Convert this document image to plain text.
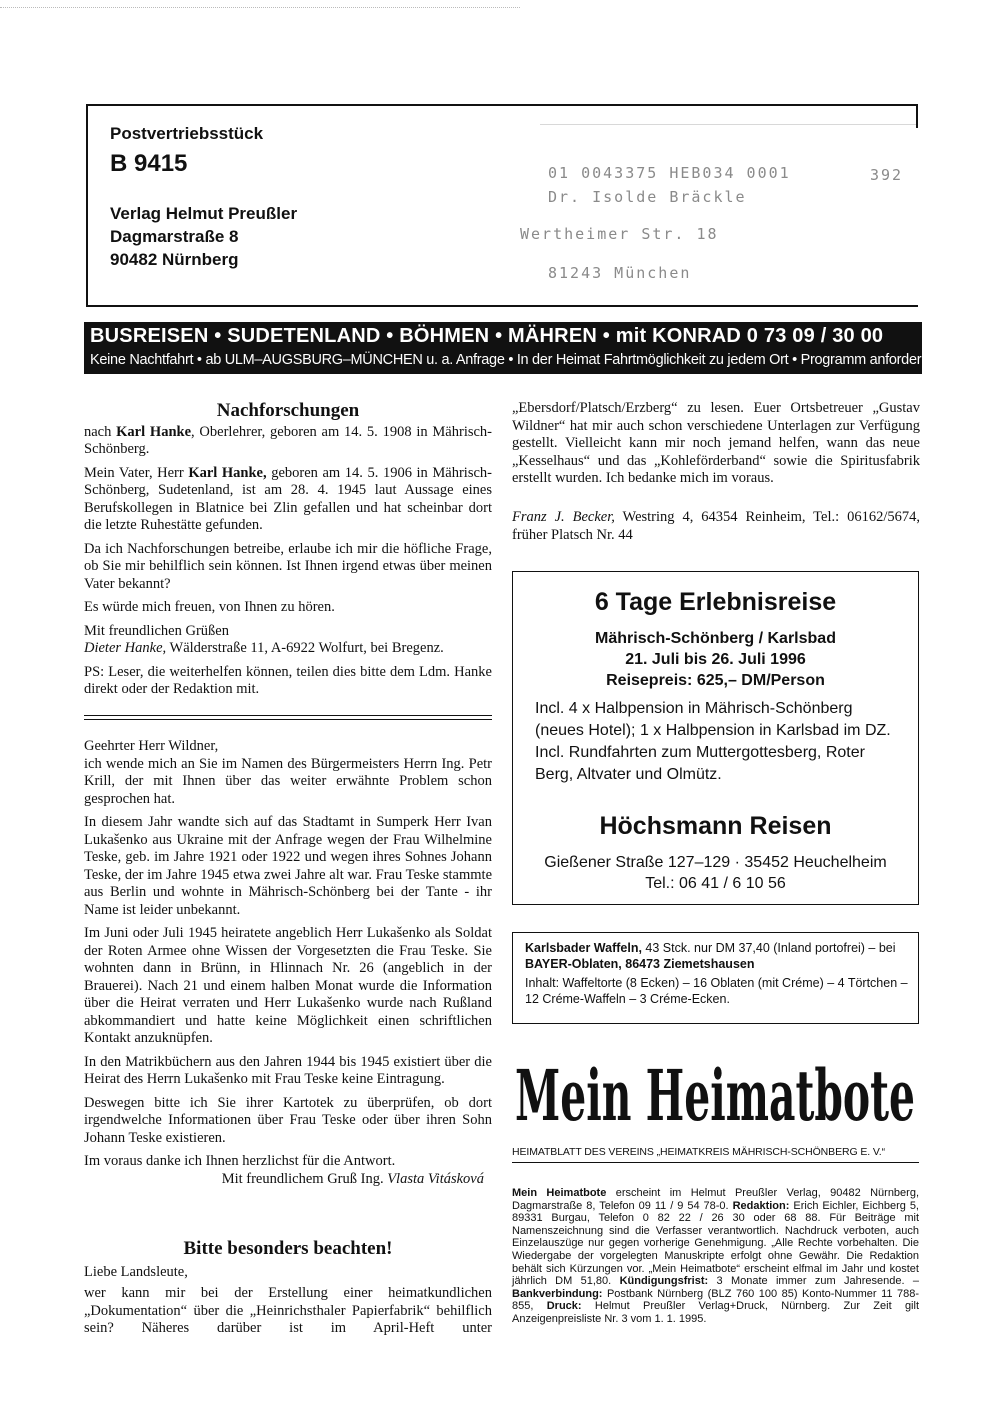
Postvertriebsstück
B 9415
Verlag Helmut Preußler
Dagmarstraße 8
90482 Nürnberg
01 0043375 HEB034 0001	392
Dr. Isolde Bräckle
Wertheimer Str. 18
81243 München
BUSREISEN • SUDETENLAND • BÖHMEN • MÄHREN • mit KONRAD 0 73 09 / 30 00
Keine Nachtfahrt • ab ULM–AUGSBURG–MÜNCHEN u. a. Anfrage • In der Heimat Fahrtmöglichkeit zu jedem Ort • Programm anfordern
Nachforschungen

nach Karl Hanke, Oberlehrer, geboren am 14. 5. 1908 in Mährisch-Schönberg.

Mein Vater, Herr Karl Hanke, geboren am 14. 5. 1906 in Mährisch-Schönberg, Sudetenland, ist am 28. 4. 1945 laut Aussage eines Berufskollegen in Blatnice bei Zlin gefallen und hat scheinbar dort die letzte Ruhestätte gefunden.

Da ich Nachforschungen betreibe, erlaube ich mir die höfliche Frage, ob Sie mir behilflich sein können. Ist Ihnen irgend etwas über meinen Vater bekannt?

Es würde mich freuen, von Ihnen zu hören.

Mit freundlichen Grüßen

Dieter Hanke, Wälderstraße 11, A-6922 Wolfurt, bei Bregenz.

PS: Leser, die weiterhelfen können, teilen dies bitte dem Ldm. Hanke direkt oder der Redaktion mit.

Geehrter Herr Wildner,

ich wende mich an Sie im Namen des Bürgermeisters Herrn Ing. Petr Krill, der mit Ihnen über das weiter erwähnte Problem schon gesprochen hat.

In diesem Jahr wandte sich auf das Stadtamt in Sumperk Herr Ivan Lukašenko aus Ukraine mit der Anfrage wegen der Frau Wilhelmine Teske, geb. im Jahre 1921 oder 1922 und wegen ihres Sohnes Johann Teske, der im Jahre 1945 etwa zwei Jahre alt war. Frau Teske stammte aus Berlin und wohnte in Mährisch-Schönberg bei der Tante - ihr Name ist leider unbekannt.

Im Juni oder Juli 1945 heiratete angeblich Herr Lukašenko als Soldat der Roten Armee ohne Wissen der Vorgesetzten die Frau Teske. Sie wohnten dann in Brünn, in Hlinnach Nr. 26 (angeblich in der Brauerei). Nach 21 und einem halben Monat wurde die Information über die Heirat verraten und Herr Lukašenko wurde nach Rußland abkommandiert und hatte keine Möglichkeit einen schriftlichen Kontakt anzuknüpfen.

In den Matrikbüchern aus den Jahren 1944 bis 1945 existiert über die Heirat des Herrn Lukašenko mit Frau Teske keine Eintragung.

Deswegen bitte ich Sie ihrer Kartotek zu überprüfen, ob dort irgendwelche Informationen über Frau Teske oder über ihren Sohn Johann Teske existieren.

Im voraus danke ich Ihnen herzlichst für die Antwort.

Mit freundlichem Gruß Ing. Vlasta Vitásková

Bitte besonders beachten!
Liebe Landsleute,

wer kann mir bei der Erstellung einer heimatkundlichen „Dokumentation“ über die „Heinrichsthaler Papierfabrik“ behilflich sein? Näheres darüber ist im April-Heft unter

„Ebersdorf/Platsch/Erzberg“ zu lesen. Euer Ortsbetreuer „Gustav Wildner“ hat mir auch schon verschiedene Unterlagen zur Verfügung gestellt. Vielleicht kann mir noch jemand helfen, wann das neue „Kesselhaus“ und das „Kohleförderband“ sowie die Spiritusfabrik erstellt wurden. Ich bedanke mich im voraus.

Franz J. Becker, Westring 4, 64354 Reinheim, Tel.: 06162/5674, früher Platsch Nr. 44

6 Tage Erlebnisreise
Mährisch-Schönberg / Karlsbad
21. Juli bis 26. Juli 1996
Reisepreis: 625,– DM/Person
Incl. 4 x Halbpension in Mährisch-Schönberg (neues Hotel); 1 x Halbpension in Karlsbad im DZ. Incl. Rundfahrten zum Muttergottesberg, Roter Berg, Altvater und Olmütz.
Höchsmann Reisen
Gießener Straße 127–129 · 35452 Heuchelheim
Tel.: 06 41 / 6 10 56
Karlsbader Waffeln, 43 Stck. nur DM 37,40 (Inland portofrei) – bei BAYER-Oblaten, 86473 Ziemetshausen
Inhalt: Waffeltorte (8 Ecken) – 16 Oblaten (mit Créme) – 4 Törtchen – 12 Créme-Waffeln – 3 Créme-Ecken.
Mein Heimatbote
HEIMATBLATT DES VEREINS „HEIMATKREIS MÄHRISCH-SCHÖNBERG E. V.“
Mein Heimatbote erscheint im Helmut Preußler Verlag, 90482 Nürnberg, Dagmarstraße 8, Telefon 09 11 / 9 54 78-0. Redaktion: Erich Eichler, Eichberg 5, 89331 Burgau, Telefon 0 82 22 / 26 30 oder 68 88. Für Beiträge mit Namenszeichnung sind die Verfasser verantwortlich. Nachdruck verboten, auch Einzelauszüge nur gegen vorherige Genehmigung. „Alle Rechte vorbehalten. Die Wiedergabe der vorgelegten Manuskripte erfolgt ohne Gewähr. Die Redaktion behält sich Kürzungen vor. „Mein Heimatbote“ erscheint elfmal im Jahr und kostet jährlich DM 51,80. Kündigungsfrist: 3 Monate immer zum Jahresende. – Bankverbindung: Postbank Nürnberg (BLZ 760 100 85) Konto-Nummer 11 788-855, Druck: Helmut Preußler Verlag+Druck, Nürnberg. Zur Zeit gilt Anzeigenpreisliste Nr. 3 vom 1. 1. 1995.
